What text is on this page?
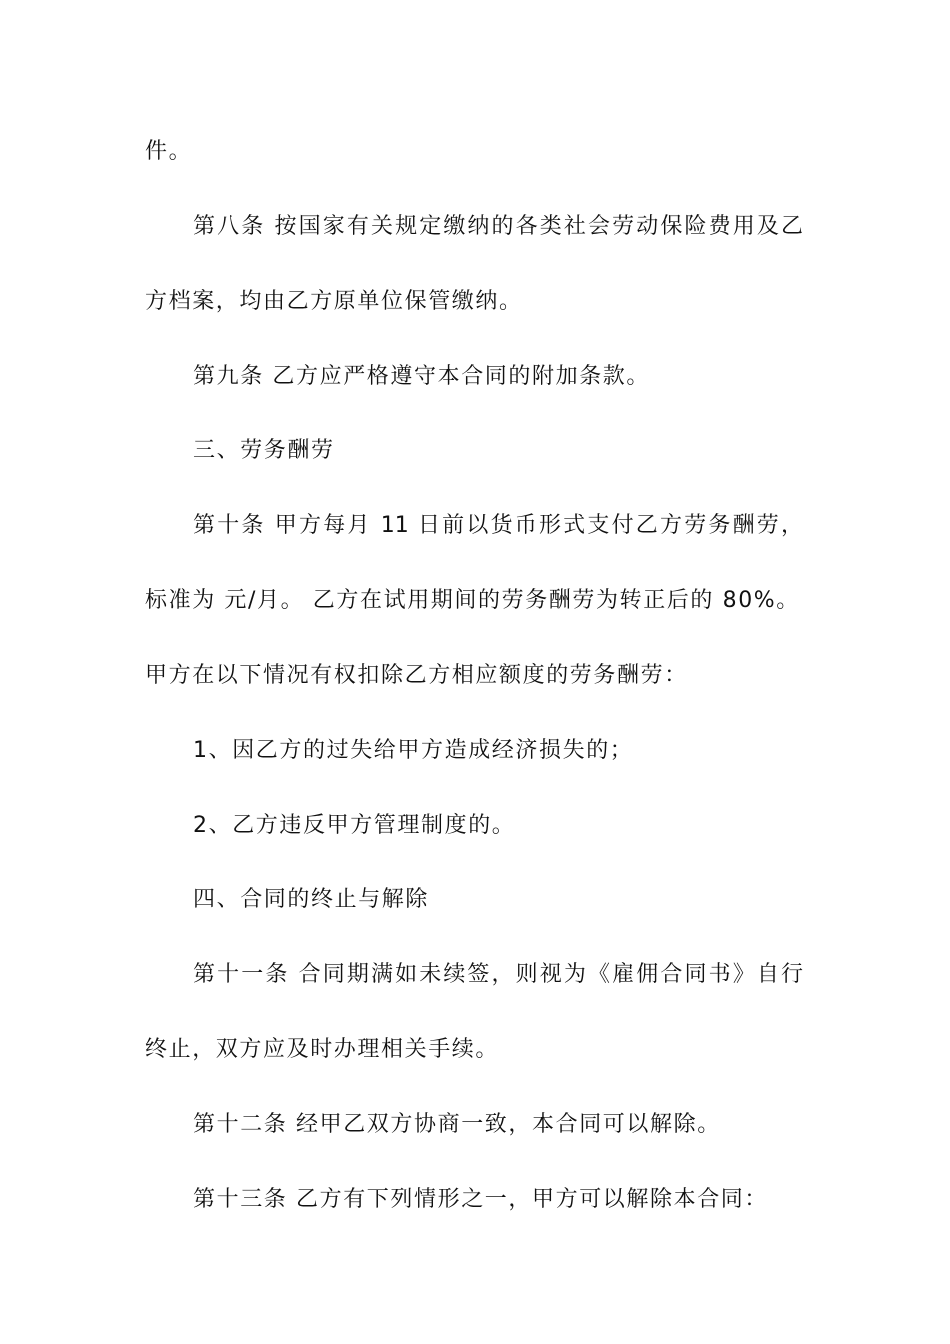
件。
第八条 按国家有关规定缴纳的各类社会劳动保险费用及乙
方档案，均由乙方原单位保管缴纳。
第九条 乙方应严格遵守本合同的附加条款。
三、劳务酬劳
第十条 甲方每月 11 日前以货币形式支付乙方劳务酬劳，
标准为 元/月。 乙方在试用期间的劳务酬劳为转正后的 80%。
甲方在以下情况有权扣除乙方相应额度的劳务酬劳：
1、因乙方的过失给甲方造成经济损失的；
2、乙方违反甲方管理制度的。
四、合同的终止与解除
第十一条 合同期满如未续签，则视为《雇佣合同书》自行
终止，双方应及时办理相关手续。
第十二条 经甲乙双方协商一致，本合同可以解除。
第十三条 乙方有下列情形之一，甲方可以解除本合同：
